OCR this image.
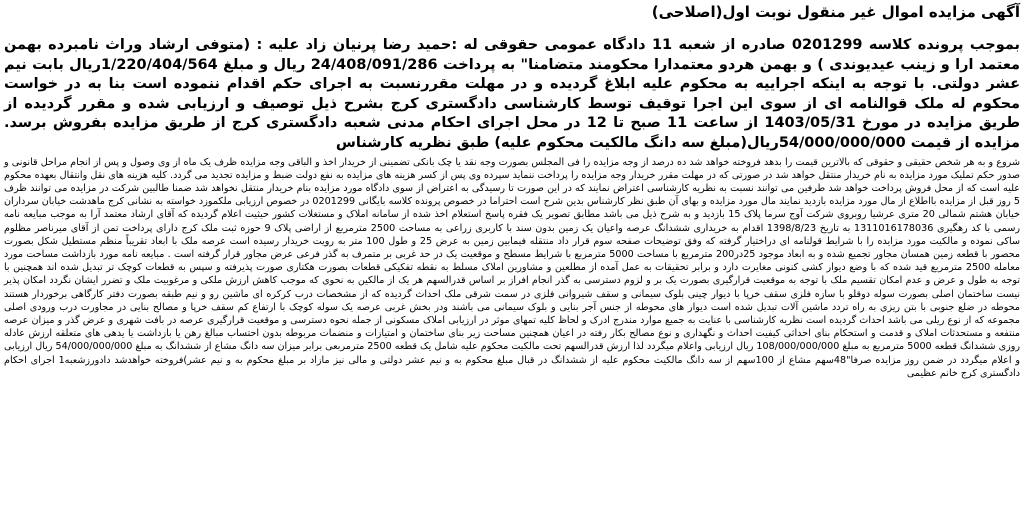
آگهی مزایده اموال غیر منقول نوبت اول(اصلاحی)

بموجب پرونده کلاسه 0201299 صادره از شعبه 11 دادگاه عمومی حقوقی له :حمید رضا پرنیان زاد علیه : (متوفی ارشاد وراث نامبرده بهمن معتمد ارا و زینب عیدیوندی ) و بهمن هردو معتمدارا محکومند متضامنا" به پرداخت 24/408/091/286 ریال و مبلغ 1/220/404/564ریال بابت نیم عشر دولتی. با توجه به اینکه اجراییه به محکوم علیه ابلاغ گردیده و در مهلت مقررنسبت به اجرای حکم اقدام ننموده است بنا به در خواست محکوم له ملک قوالنامه ای از سوی این اجرا توقیف توسط کارشناسی دادگستری کرج بشرح ذیل توصیف و ارزیابی شده و مقرر گردیده از طریق مزایده در مورخ 1403/05/31 از ساعت 11 صبح تا 12 در محل اجرای احکام مدنی شعبه دادگستری کرج از طریق مزایده بفروش برسد. مزایده از قیمت 54/000/000/000ریال(مبلغ سه دانگ مالکیت محکوم علیه) طبق نظریه کارشناس

شروع و به هر شخص حقیقی و حقوقی که بالاترین قیمت را بدهد فروخته خواهد شد ده درصد از وجه مزایده را فی المجلس بصورت وجه نقد یا چک بانکی تضمینی از خریدار اخذ و الباقی وجه مزایده ظرف یک ماه از وی وصول و پس از انجام مراحل قانونی و صدور حکم تملیک مورد مزایده به نام خریدار منتقل خواهد شد در صورتی که در مهلت مقرر خریدار وجه مزایده را پرداخت ننماید سپرده وی پس از کسر هزینه های مزایده به نفع دولت ضبط و مزایده تجدید می گردد. کلیه هزینه های نقل وانتقال بعهده محکوم علیه است که از محل فروش پرداخت خواهد شد طرفین می توانند نسبت به نظریه کارشناسی اعتراض نمایند که در این صورت تا رسیدگی به اعتراض از سوی دادگاه مورد مزایده بنام خریدار منتقل نخواهد شد ضمنا طالبین شرکت در مزایده می توانند ظرف 5 روز قبل از مزایده بااطلاع از مال مورد مزایده بازدید نمایند مال مورد مزایده و بهای آن طبق نظر کارشناس بدین شرح است احتراما در خصوص پرونده کلاسه بایگانی 0201299 در خصوص ارزیابی ملکموزد خواسته به نشانی کرج ماهدشت خیابان سرداران خیابان هشتم شمالی 20 متری عرشیا روبروی شرکت آوج سرما پلاک 15 بازدید و به شرح ذیل می باشد مطابق تصویر یک فقره پاسخ استعلام اخذ شده از سامانه املاک و مستغلات کشور حیثیت اعلام گردیده که آقای ارشاد معتمد آرا به موجب مبایعه نامه رسمی با کد رهگیری 1311016178036 به تاریخ 1398/8/23 اقدام به خریداری ششدانگ عرصه واعیان یک زمین بدون سند با کاربری زراعی به مساحت 2500 مترمربع از اراضی پلاک 9 حوزه ثبت ملک کرج دارای پرداخت تمن از آقای میرناصر مظلوم ساکی نموده و مالکیت مورد مزایده را با شرایط قولنامه ای دراختیار گرفته که وفق توضیحات صفحه سوم قرار داد منتقله فیمابین زمین به عرض 25 و طول 100 متر به رویت خریدار رسیده است عرصه ملک با ابعاد تقریباً منظم مستطیل شکل بصورت محصور با قطعه زمین همسان مجاور تجمیع شده و به ابعاد موجود 25در200 مترمربع با مساحت 5000 مترمربع با شرایط مسطح و موقعیت یک در حد غربی بر متمرف به گذر فرعی عرض مجاور قرار گرفته است . مبایعه نامه مورد بازداشت مساحت مورد معامله 2500 مترمربع قید شده که با وضع دیوار کشی کنونی مغایرت دارد و برابر تحقیقات به عمل آمده از مطلعین و مشاورین املاک مسلط به نقطه تفکیکی قطعات بصورت هکتاری صورت پذیرفته و سپس به قطعات کوچک تر تبدیل شده اند همچنین با توجه به طول و عرض و عدم امکان تقسیم ملک با توجه به موقعیت قرارگیری بصورت یک بر و لزوم دسترسی به گذر انجام افراز بر اساس قدرالسهم هر یک از مالکین به نحوی که موجب کاهش ارزش ملکی و مرغوبیت ملک و تضرر ایشان نگردد امکان پذیر نیست ساختمان اصلی بصورت سوله دوقلو با سازه فلزی سقف خرپا با دیوار چینی بلوک سیمانی و سقف شیروانی فلزی در سمت شرقی ملک احداث گردیده که از مشخصات درب کرکره ای ماشین رو و نیم طبقه بصورت دفتر کارگاهی برخوردار هستند محوطه در ضلع جنوبی با بتن ریزی به راه تردد ماشین آلات تبدیل شده است دیوار های محوطه از جنس آجر بنایی و بلوک سیمانی می باشند ودر بخش غربی عرصه یک سوله کوچک با ارتفاع کم سقف خرپا و مصالح بنایی در مجاورت درب ورودی اصلی مجموعه که از نوع ریلی می باشد احداث گردیده است نظریه کارشناسی با عنایت به جمیع موارد مندرج ادرک و لحاظ کلیه تمهای موثر در ارزیابی املاک مسکونی از جمله نحوه دسترسی و موقعیت قرارگیری عرصه در بافت شهری و عرض گذر و میزان عرصه منتفعه و مستحدثات املاک و قدمت و استحکام بنای احداثی کیفیت احداث و نگهداری و نوع مصالح بکار رفته در اعیان همچنین مساحت زیر بنای ساختمان و امتیازات و منضمات مربوطه بدون احتساب مبالغ رهن یا بازداشت یا یدهی های متعلقه ارزش عادله روزی ششدانگ قطعه 5000 مترمربع به مبلغ 108/000/000/000 ریال ارزیابی واعلام میگردد لذا ارزش قدرالسهم تحت مالکیت محکوم علیه شامل یک قطعه 2500 مترمربعی برابر میزان سه دانگ مشاع از ششدانگ به مبلغ 54/000/000/000 ریال ارزیابی و اعلام میگردد در ضمن روز مزایده صرفا"48سهم مشاع از 100سهم از سه دانگ مالکیت محکوم علیه از ششدانگ در قبال مبلغ محکوم به و نیم عشر دولتی و مالی نیز مازاد بر مبلغ محکوم به و نیم عشر)فروخته خواهدشد دادورزشعبه1 اجرای احکام دادگستری کرج خانم عظیمی
